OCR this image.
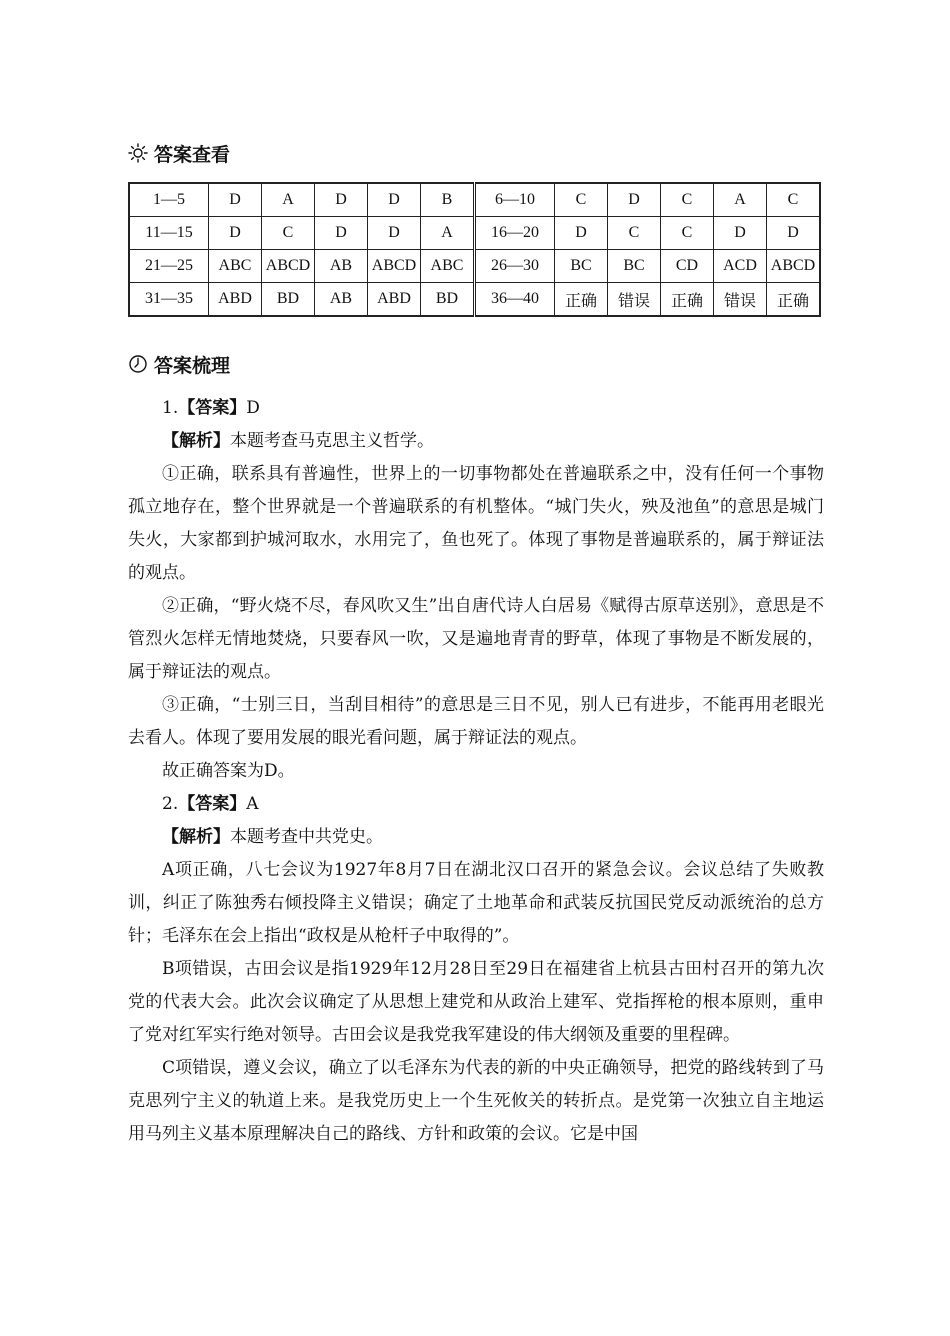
答案查看
1—5	D	A	D	D	B	6—10	C	D	C	A	C
11—15	D	C	D	D	A	16—20	D	C	C	D	D
21—25	ABC	ABCD	AB	ABCD	ABC	26—30	BC	BC	CD	ACD	ABCD
31—35	ABD	BD	AB	ABD	BD	36—40	正确	错误	正确	错误	正确
答案梳理

1.【答案】D

【解析】本题考查马克思主义哲学。

①正确，联系具有普遍性，世界上的一切事物都处在普遍联系之中，没有任何一个事物孤立地存在，整个世界就是一个普遍联系的有机整体。“城门失火，殃及池鱼”的意思是城门失火，大家都到护城河取水，水用完了，鱼也死了。体现了事物是普遍联系的，属于辩证法的观点。

②正确，“野火烧不尽，春风吹又生”出自唐代诗人白居易《赋得古原草送别》，意思是不管烈火怎样无情地焚烧，只要春风一吹，又是遍地青青的野草，体现了事物是不断发展的，属于辩证法的观点。

③正确，“士别三日，当刮目相待”的意思是三日不见，别人已有进步，不能再用老眼光去看人。体现了要用发展的眼光看问题，属于辩证法的观点。

故正确答案为D。

2.【答案】A

【解析】本题考查中共党史。

A项正确，八七会议为1927年8月7日在湖北汉口召开的紧急会议。会议总结了失败教训，纠正了陈独秀右倾投降主义错误；确定了土地革命和武装反抗国民党反动派统治的总方针；毛泽东在会上指出“政权是从枪杆子中取得的”。

B项错误，古田会议是指1929年12月28日至29日在福建省上杭县古田村召开的第九次党的代表大会。此次会议确定了从思想上建党和从政治上建军、党指挥枪的根本原则，重申了党对红军实行绝对领导。古田会议是我党我军建设的伟大纲领及重要的里程碑。

C项错误，遵义会议，确立了以毛泽东为代表的新的中央正确领导，把党的路线转到了马克思列宁主义的轨道上来。是我党历史上一个生死攸关的转折点。是党第一次独立自主地运用马列主义基本原理解决自己的路线、方针和政策的会议。它是中国
